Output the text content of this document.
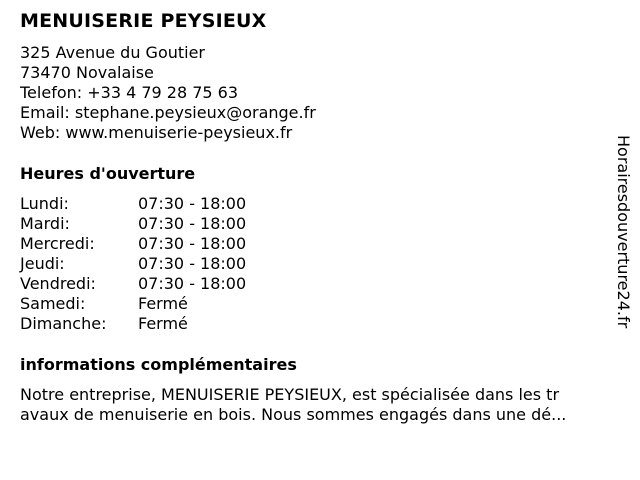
MENUISERIE PEYSIEUX
325 Avenue du Goutier
73470 Novalaise
Telefon: +33 4 79 28 75 63
Email: stephane.peysieux@orange.fr
Web: www.menuiserie-peysieux.fr
Heures d'ouverture
Lundi:	07:30 - 18:00
Mardi:	07:30 - 18:00
Mercredi:	07:30 - 18:00
Jeudi:	07:30 - 18:00
Vendredi:	07:30 - 18:00
Samedi:	Fermé
Dimanche: Fermé
informations complémentaires
Notre entreprise, MENUISERIE PEYSIEUX, est spécialisée dans les tr
avaux de menuiserie en bois. Nous sommes engagés dans une dé...
Horairesdouverture24.fr
